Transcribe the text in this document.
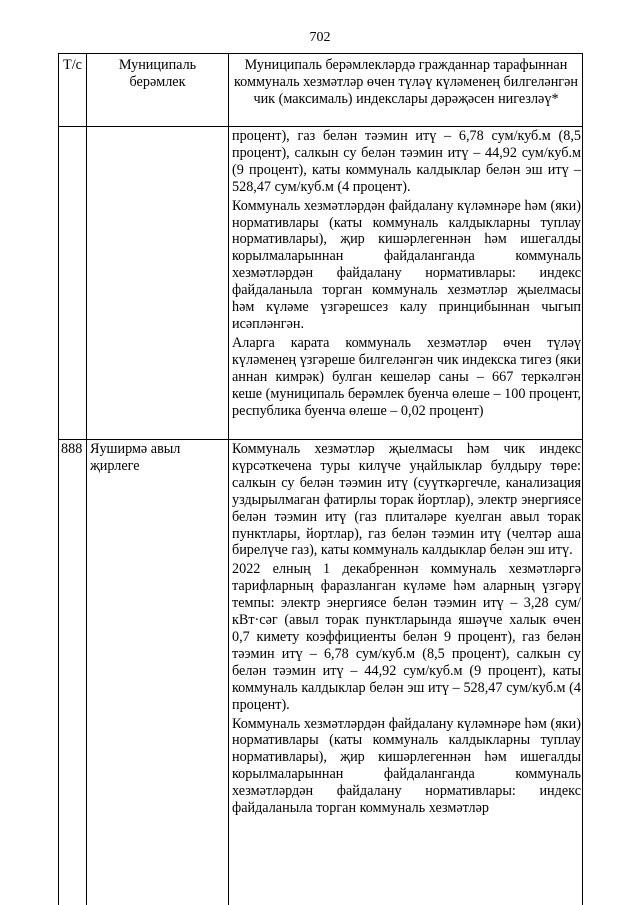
702
Т/с	Муниципаль берәмлек
Муниципаль берәмлекләрдә гражданнар тарафыннан коммуналь хезмәтләр өчен түләү күләменең билгеләнгән чик (максималь) индекслары дәрәҗәсен нигезләү*

процент), газ белән тәэмин итү – 6,78 сум/куб.м (8,5 процент), салкын су белән тәэмин итү – 44,92 сум/куб.м (9 процент), каты коммуналь калдыклар белән эш итү – 528,47 сум/куб.м (4 процент).

Коммуналь хезмәтләрдән файдалану күләмнәре һәм (яки) нормативлары (каты коммуналь калдыкларны туплау нормативлары), җир кишәрлегеннән һәм ишегалды корылмаларыннан файдаланганда коммуналь хезмәтләрдән файдалану нормативлары: индекс файдаланыла торган коммуналь хезмәтләр җыелмасы һәм күләме үзгәрешсез калу принцибыннан чыгып исәпләнгән.

Аларга карата коммуналь хезмәтләр өчен түләү күләменең үзгәреше билгеләнгән чик индекска тигез (яки аннан кимрәк) булган кешеләр саны – 667 теркәлгән кеше (муниципаль берәмлек буенча өлеше – 100 процент, республика буенча өлеше – 0,02 процент)

888 Яуширмә авыл җирлеге

Коммуналь хезмәтләр җыелмасы һәм чик индекс күрсәткечена туры килүче уңайлыклар булдыру төре: салкын су белән тәэмин итү (суүткәргечле, канализация уздырылмаган фатирлы торак йортлар), электр энергиясе белән тәэмин итү (газ плиталәре куелган авыл торак пунктлары, йортлар), газ белән тәэмин итү (челтәр аша бирелүче газ), каты коммуналь калдыклар белән эш итү.

2022 елның 1 декабреннән коммуналь хезмәтләргә тарифларның фаразланган күләме һәм аларның үзгәрү темпы: электр энергиясе белән тәэмин итү – 3,28 сум/кВт·сәг (авыл торак пунктларында яшәүче халык өчен 0,7 кимету коэффициенты белән 9 процент), газ белән тәэмин итү – 6,78 сум/куб.м (8,5 процент), салкын су белән тәэмин итү – 44,92 сум/куб.м (9 процент), каты коммуналь калдыклар белән эш итү – 528,47 сум/куб.м (4 процент).

Коммуналь хезмәтләрдән файдалану күләмнәре һәм (яки) нормативлары (каты коммуналь калдыкларны туплау нормативлары), җир кишәрлегеннән һәм ишегалды корылмаларыннан файдаланганда коммуналь хезмәтләрдән файдалану нормативлары: индекс файдаланыла торган коммуналь хезмәтләр
